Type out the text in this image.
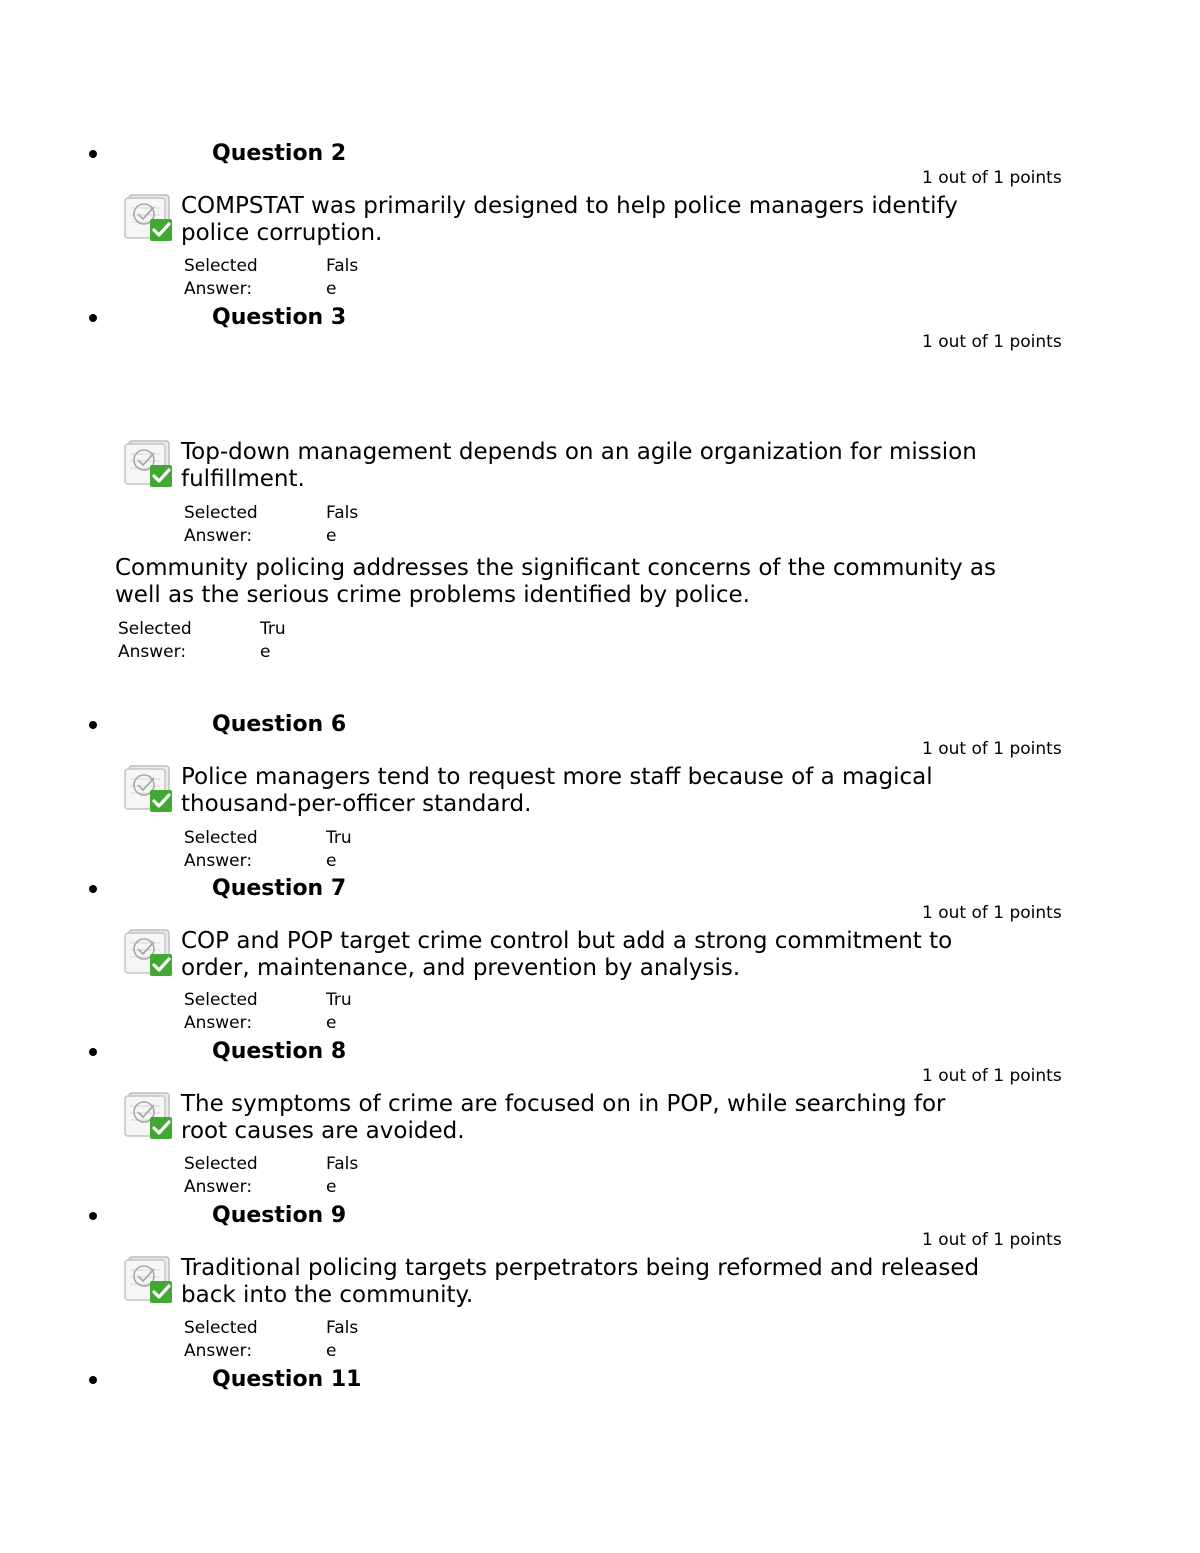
Question 2
1 out of 1 points
COMPSTAT was primarily designed to help police managers identify
police corruption.
Selected
Answer:
Fals
e
Question 3
1 out of 1 points
Top-down management depends on an agile organization for mission
fulfillment.
Selected
Answer:
Fals
e
Community policing addresses the significant concerns of the community as
well as the serious crime problems identified by police.
Selected
Answer:
Tru
e
Question 6
1 out of 1 points
Police managers tend to request more staff because of a magical
thousand-per-officer standard.
Selected
Answer:
Tru
e
Question 7
1 out of 1 points
COP and POP target crime control but add a strong commitment to
order, maintenance, and prevention by analysis.
Selected
Answer:
Tru
e
Question 8
1 out of 1 points
The symptoms of crime are focused on in POP, while searching for
root causes are avoided.
Selected
Answer:
Fals
e
Question 9
1 out of 1 points
Traditional policing targets perpetrators being reformed and released
back into the community.
Selected
Answer:
Fals
e
Question 11
